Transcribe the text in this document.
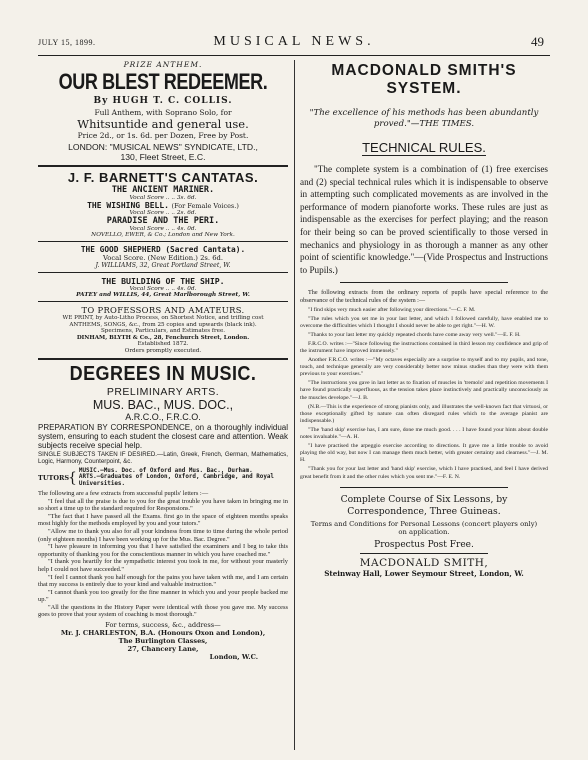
JULY 15, 1899.	MUSICAL NEWS.	49
PRIZE ANTHEM.
OUR BLEST REDEEMER.
By HUGH T. C. COLLIS.
Full Anthem, with Soprano Solo, for
Whitsuntide and general use.
Price 2d., or 1s. 6d. per Dozen, Free by Post.
LONDON: "MUSICAL NEWS" SYNDICATE, LTD.,
130, Fleet Street, E.C.
J. F. BARNETT'S CANTATAS.
THE ANCIENT MARINER.
Vocal Score .. .. 3s. 6d.
THE WISHING BELL. (For Female Voices.)
Vocal Score .. .. 2s. 6d.
PARADISE AND THE PERI.
Vocal Score .. .. 4s. 0d.
NOVELLO, EWER, & Co.; London and New York.
THE GOOD SHEPHERD (Sacred Cantata).
Vocal Score. (New Edition.) 2s. 6d.
J. WILLIAMS, 32, Great Portland Street, W.
THE BUILDING OF THE SHIP.
Vocal Score .. .. 4s. 0d.
PATEY and WILLIS, 44, Great Marlborough Street, W.
TO PROFESSORS AND AMATEURS.
WE PRINT, by Auto-Litho Process, on Shortest Notice, and trifling cost
ANTHEMS, SONGS, &c., from 25 copies and upwards (black ink).
Specimens, Particulars, and Estimates free.
DINHAM, BLYTH & Co., 28, Fenchurch Street, London.
Established 1872.
Orders promptly executed.
DEGREES IN MUSIC.
PRELIMINARY ARTS.
MUS. BAC., MUS. DOC.,
A.R.C.O., F.R.C.O.
PREPARATION BY CORRESPONDENCE, on a thoroughly individual system, ensuring to each student the closest care and attention. Weak subjects receive special help.
SINGLE SUBJECTS TAKEN IF DESIRED.—Latin, Greek, French, German, Mathematics, Logic, Harmony, Counterpoint, &c.
TUTORS
{ MUSIC.—Mus. Doc. of Oxford and Mus. Bac., Durham.
ARTS.—Graduates of London, Oxford, Cambridge, and Royal Universities.
The following are a few extracts from successful pupils' letters :—
"I feel that all the praise is due to you for the great trouble you have taken in bringing me in so short a time up to the standard required for Responsions."
"The fact that I have passed all the Exams. first go in the space of eighteen months speaks most highly for the methods employed by you and your tutors."
"Allow me to thank you also for all your kindness from time to time during the whole period (only eighteen months) I have been working up for the Mus. Bac. Degree."
"I have pleasure in informing you that I have satisfied the examiners and I beg to take this opportunity of thanking you for the conscientious manner in which you have coached me."
"I thank you heartily for the sympathetic interest you took in me, for without your masterly help I could not have succeeded."
"I feel I cannot thank you half enough for the pains you have taken with me, and I am certain that my success is entirely due to your kind and valuable instruction."
"I cannot thank you too greatly for the fine manner in which you and your people backed me up."
"All the questions in the History Paper were identical with those you gave me. My success goes to prove that your system of coaching is most thorough."
For terms, success, &c., address—
Mr. J. CHARLESTON, B.A. (Honours Oxon and London),
The Burlington Classes,
27, Chancery Lane,
London, W.C.
MACDONALD SMITH'S
SYSTEM.
"The excellence of his methods has been abundantly proved."—THE TIMES.
TECHNICAL RULES.
"The complete system is a combination of (1) free exercises and (2) special technical rules which it is indispensable to observe in attempting such complicated movements as are involved in the performance of modern pianoforte works. These rules are just as indispensable as the exercises for perfect playing; and the reason for their being so can be proved scientifically to those versed in mechanics and physiology in as thorough a manner as any other point of scientific knowledge."—(Vide Prospectus and Instructions to Pupils.)
The following extracts from the ordinary reports of pupils have special reference to the observance of the technical rules of the system :—
"I find skips very much easier after following your directions."—C. F. M.
"The rules which you set me in your last letter, and which I followed carefully, have enabled me to overcome the difficulties which I thought I should never be able to get right."—H. W.
"Thanks to your last letter my quickly repeated chords have come away very well."—E. F. H.
F.R.C.O. writes :—"Since following the instructions contained in third lesson my confidence and grip of the instrument have improved immensely."
Another F.R.C.O. writes :—"My octaves especially are a surprise to myself and to my pupils, and tone, touch, and technique generally are very considerably better now minus studies than they were with them previous to your exercises."
"The instructions you gave in last letter as to fixation of muscles in 'tremolo' and repetition movements I have found practically superfluous, as the tension takes place instinctively and practically unconsciously as the muscles develope."—J. B.
(N.B.—This is the experience of strong pianists only, and illustrates the well-known fact that virtuosi, or those exceptionally gifted by nature can often disregard rules which to the average pianist are indispensable.)
"The 'hand skip' exercise has, I am sure, done me much good. . . . I have found your hints about double notes invaluable."—A. H.
"I have practised the arpeggio exercise according to directions. It gave me a little trouble to avoid playing the old way, but now I can manage them much better, with greater certainty and clearness."—J. M. H.
"Thank you for your last letter and 'hand skip' exercise, which I have practised, and feel I have derived great benefit from it and the other rules which you sent me."—F. E. N.
Complete Course of Six Lessons, by
Correspondence, Three Guineas.
Terms and Conditions for Personal Lessons (concert players only)
on application.
Prospectus Post Free.
MACDONALD SMITH,
Steinway Hall, Lower Seymour Street, London, W.
